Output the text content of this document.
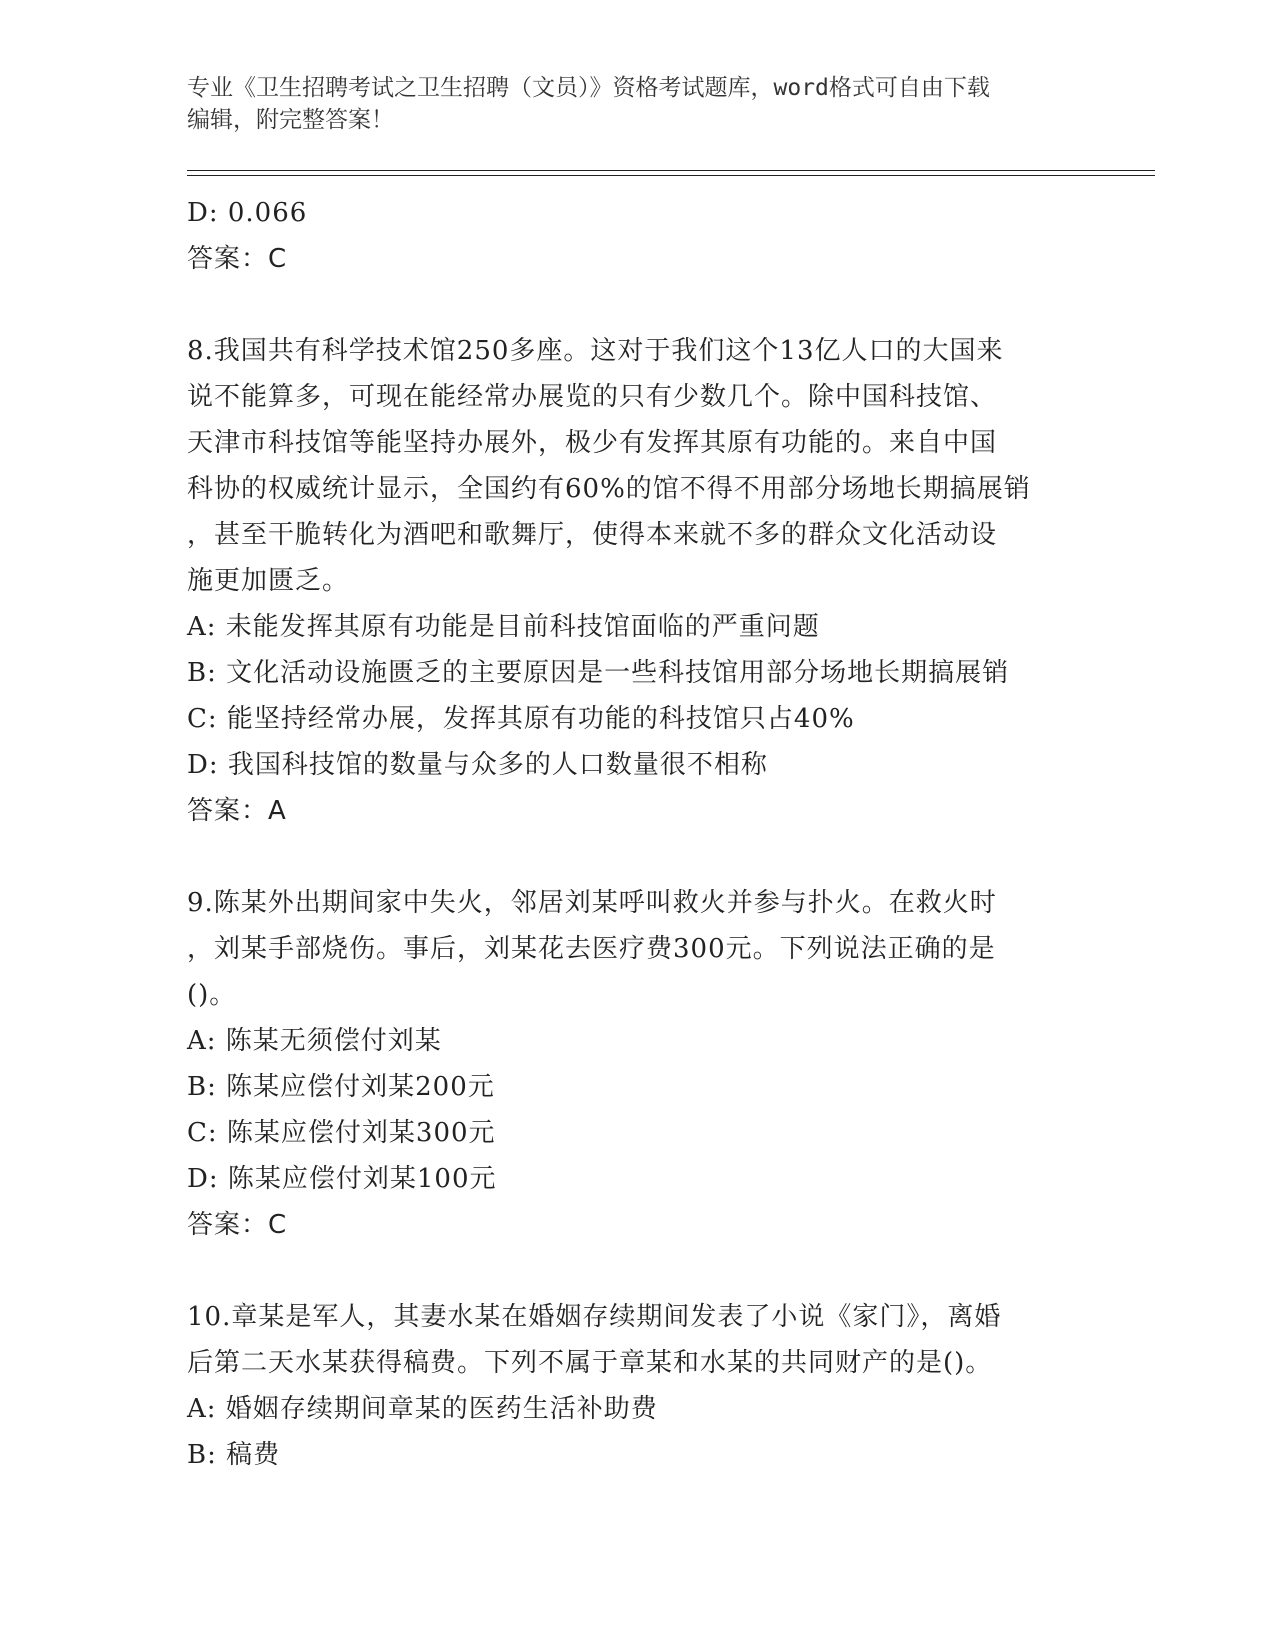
专业《卫生招聘考试之卫生招聘（文员）》资格考试题库，word格式可自由下载
编辑，附完整答案！
D: 0.066
答案：C
8.我国共有科学技术馆250多座。这对于我们这个13亿人口的大国来
说不能算多，可现在能经常办展览的只有少数几个。除中国科技馆、
天津市科技馆等能坚持办展外，极少有发挥其原有功能的。来自中国
科协的权威统计显示，全国约有60%的馆不得不用部分场地长期搞展销
，甚至干脆转化为酒吧和歌舞厅，使得本来就不多的群众文化活动设
施更加匮乏。
A: 未能发挥其原有功能是目前科技馆面临的严重问题
B: 文化活动设施匮乏的主要原因是一些科技馆用部分场地长期搞展销
C: 能坚持经常办展，发挥其原有功能的科技馆只占40%
D: 我国科技馆的数量与众多的人口数量很不相称
答案：A
9.陈某外出期间家中失火，邻居刘某呼叫救火并参与扑火。在救火时
，刘某手部烧伤。事后，刘某花去医疗费300元。下列说法正确的是
()。
A: 陈某无须偿付刘某
B: 陈某应偿付刘某200元
C: 陈某应偿付刘某300元
D: 陈某应偿付刘某100元
答案：C
10.章某是军人，其妻水某在婚姻存续期间发表了小说《家门》，离婚
后第二天水某获得稿费。下列不属于章某和水某的共同财产的是()。
A: 婚姻存续期间章某的医药生活补助费
B: 稿费
